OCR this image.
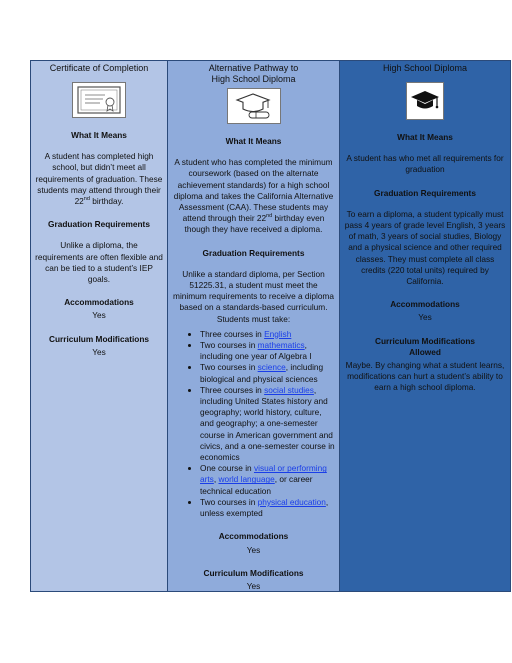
Certificate of Completion
What It Means

A student has completed high school, but didn’t meet all requirements of graduation. These students may attend through their 22nd birthday.

Graduation Requirements

Unlike a diploma, the requirements are often flexible and can be tied to a student’s IEP goals.

Accommodations
Yes
Curriculum Modifications
Yes
Alternative Pathway to
High School Diploma
What It Means

A student who has completed the minimum coursework (based on the alternate achievement standards) for a high school diploma and takes the California Alternative Assessment (CAA). These students may attend through their 22nd birthday even though they have received a diploma.

Graduation Requirements

Unlike a standard diploma, per Section 51225.31, a student must meet the minimum requirements to receive a diploma based on a standards-based curriculum. Students must take:

• Three courses in English
• Two courses in mathematics, including one year of Algebra I
• Two courses in science, including biological and physical sciences
• Three courses in social studies, including United States history and geography; world history, culture, and geography; a one-semester course in American government and civics, and a one-semester course in economics
• One course in visual or performing arts, world language, or career technical education
• Two courses in physical education, unless exempted
Accommodations
Yes
Curriculum Modifications
Yes
High School Diploma
What It Means

A student has who met all requirements for graduation

Graduation Requirements

To earn a diploma, a student typically must pass 4 years of grade level English, 3 years of math, 3 years of social studies, Biology and a physical science and other required classes. They must complete all class credits (220 total units) required by California.

Accommodations
Yes
Curriculum Modifications
Allowed
Maybe. By changing what a student learns, modifications can hurt a student’s ability to earn a high school diploma.
